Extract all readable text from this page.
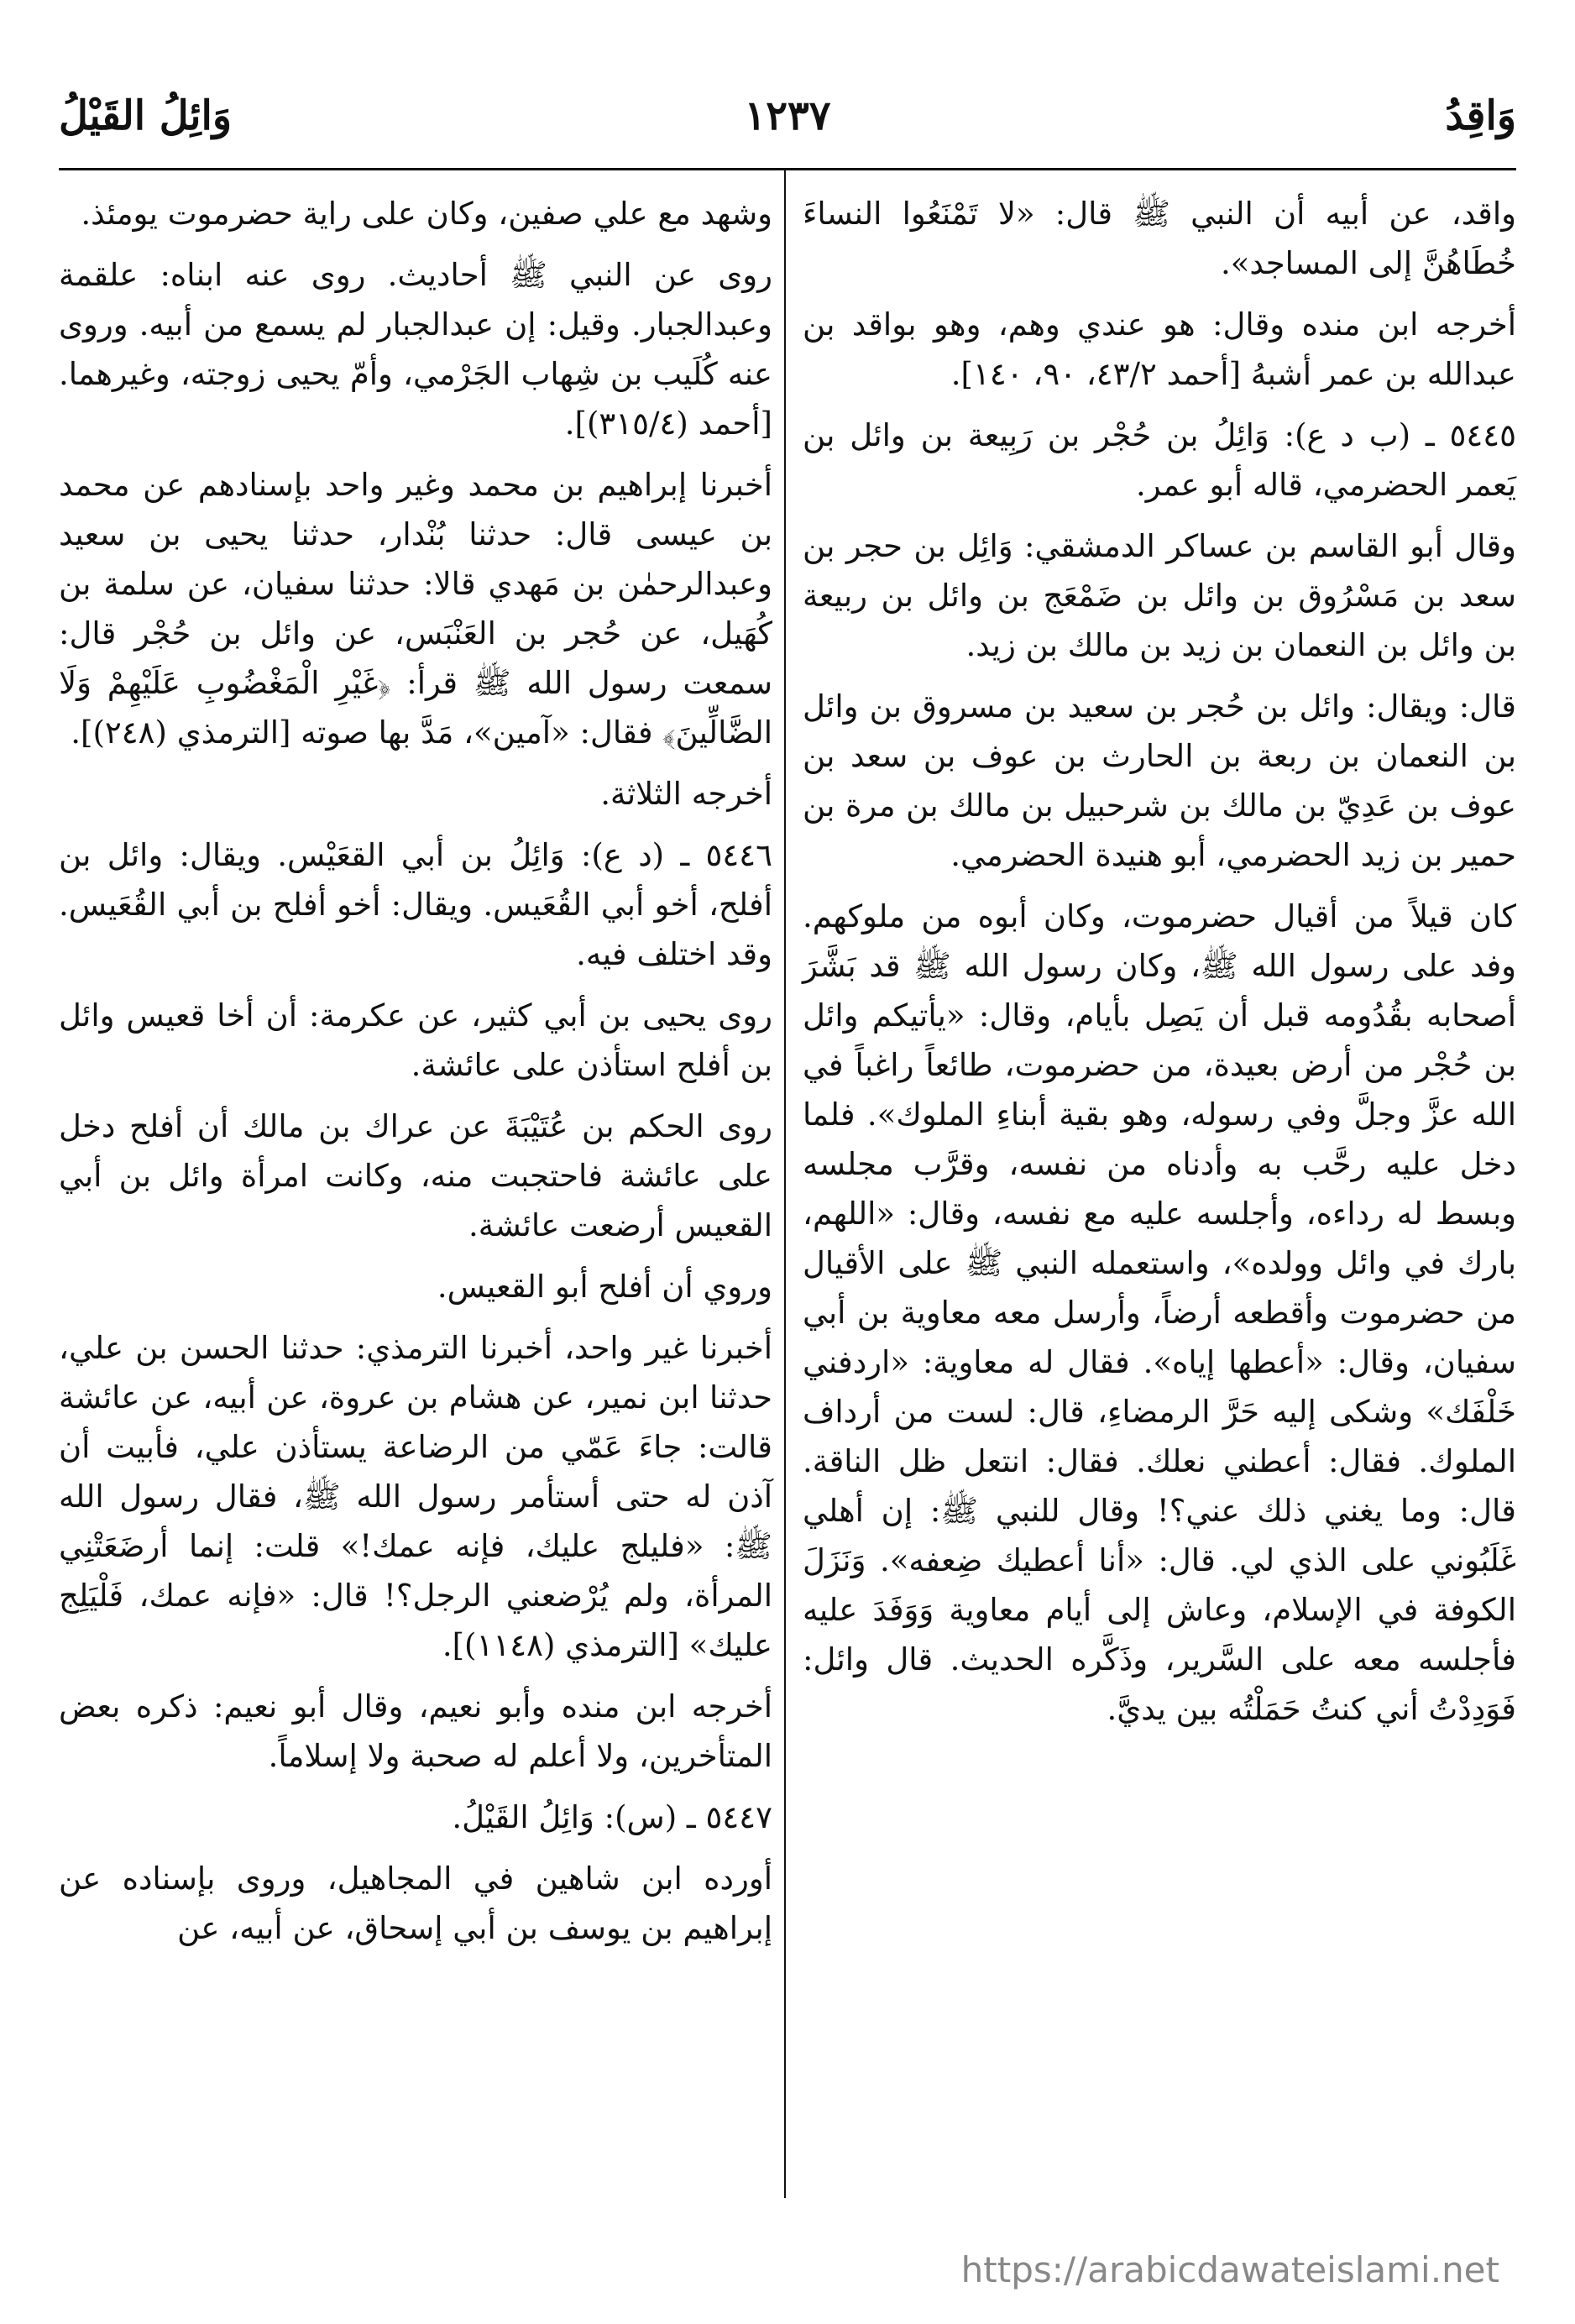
وَاقِدُ
١٢٣٧
وَائِلُ القَيْلُ

واقد، عن أبيه أن النبي ﷺ قال: «لا تَمْنَعُوا النساءَ خُطَاهُنَّ إلى المساجد».

أخرجه ابن منده وقال: هو عندي وهم، وهو بواقد بن عبدالله بن عمر أشبهُ [أحمد ٤٣/٢، ٩٠، ١٤٠].

٥٤٤٥ ـ (ب د ع): وَائِلُ بن حُجْر بن رَبِيعة بن وائل بن يَعمر الحضرمي، قاله أبو عمر.

وقال أبو القاسم بن عساكر الدمشقي: وَائِل بن حجر بن سعد بن مَسْرُوق بن وائل بن ضَمْعَج بن وائل بن ربيعة بن وائل بن النعمان بن زيد بن مالك بن زيد.

قال: ويقال: وائل بن حُجر بن سعيد بن مسروق بن وائل بن النعمان بن ربعة بن الحارث بن عوف بن سعد بن عوف بن عَدِيّ بن مالك بن شرحبيل بن مالك بن مرة بن حمير بن زيد الحضرمي، أبو هنيدة الحضرمي.

كان قيلاً من أقيال حضرموت، وكان أبوه من ملوكهم. وفد على رسول الله ﷺ، وكان رسول الله ﷺ قد بَشَّرَ أصحابه بقُدُومه قبل أن يَصِل بأيام، وقال: «يأتيكم وائل بن حُجْر من أرض بعيدة، من حضرموت، طائعاً راغباً في الله عزَّ وجلَّ وفي رسوله، وهو بقية أبناءِ الملوك». فلما دخل عليه رحَّب به وأدناه من نفسه، وقرَّب مجلسه وبسط له رداءه، وأجلسه عليه مع نفسه، وقال: «اللهم، بارك في وائل وولده»، واستعمله النبي ﷺ على الأقيال من حضرموت وأقطعه أرضاً، وأرسل معه معاوية بن أبي سفيان، وقال: «أعطها إياه». فقال له معاوية: «اردفني خَلْفَك» وشكى إليه حَرَّ الرمضاءِ، قال: لست من أرداف الملوك. فقال: أعطني نعلك. فقال: انتعل ظل الناقة. قال: وما يغني ذلك عني؟! وقال للنبي ﷺ: إن أهلي غَلَبُوني على الذي لي. قال: «أنا أعطيك ضِعفه». وَنَزَلَ الكوفة في الإسلام، وعاش إلى أيام معاوية وَوَفَدَ عليه فأجلسه معه على السَّرير، وذَكَّره الحديث. قال وائل: فَوَدِدْتُ أني كنتُ حَمَلْتُه بين يديَّ.

وشهد مع علي صفين، وكان على راية حضرموت يومئذ.

روى عن النبي ﷺ أحاديث. روى عنه ابناه: علقمة وعبدالجبار. وقيل: إن عبدالجبار لم يسمع من أبيه. وروى عنه كُلَيب بن شِهاب الجَرْمي، وأمّ يحيى زوجته، وغيرهما. [أحمد (٣١٥/٤)].

أخبرنا إبراهيم بن محمد وغير واحد بإسنادهم عن محمد بن عيسى قال: حدثنا بُنْدار، حدثنا يحيى بن سعيد وعبدالرحمٰن بن مَهدي قالا: حدثنا سفيان، عن سلمة بن كُهَيل، عن حُجر بن العَنْبَس، عن وائل بن حُجْر قال: سمعت رسول الله ﷺ قرأ: ﴿غَيْرِ الْمَغْضُوبِ عَلَيْهِمْ وَلَا الضَّالِّينَ﴾ فقال: «آمين»، مَدَّ بها صوته [الترمذي (٢٤٨)].

أخرجه الثلاثة.

٥٤٤٦ ـ (د ع): وَائِلُ بن أبي القعَيْس. ويقال: وائل بن أفلح، أخو أبي القُعَيس. ويقال: أخو أفلح بن أبي القُعَيس. وقد اختلف فيه.

روى يحيى بن أبي كثير، عن عكرمة: أن أخا قعيس وائل بن أفلح استأذن على عائشة.

روى الحكم بن عُتَيْبَةَ عن عراك بن مالك أن أفلح دخل على عائشة فاحتجبت منه، وكانت امرأة وائل بن أبي القعيس أرضعت عائشة.

وروي أن أفلح أبو القعيس.

أخبرنا غير واحد، أخبرنا الترمذي: حدثنا الحسن بن علي، حدثنا ابن نمير، عن هشام بن عروة، عن أبيه، عن عائشة قالت: جاءَ عَمّي من الرضاعة يستأذن علي، فأبيت أن آذن له حتى أستأمر رسول الله ﷺ، فقال رسول الله ﷺ: «فليلج عليك، فإنه عمك!» قلت: إنما أرضَعَتْنِي المرأة، ولم يُرْضعني الرجل؟! قال: «فإنه عمك، فَلْيَلِج عليك» [الترمذي (١١٤٨)].

أخرجه ابن منده وأبو نعيم، وقال أبو نعيم: ذكره بعض المتأخرين، ولا أعلم له صحبة ولا إسلاماً.

٥٤٤٧ ـ (س): وَائِلُ القَيْلُ.

أورده ابن شاهين في المجاهيل، وروى بإسناده عن إبراهيم بن يوسف بن أبي إسحاق، عن أبيه، عن

https://arabicdawateislami.net
